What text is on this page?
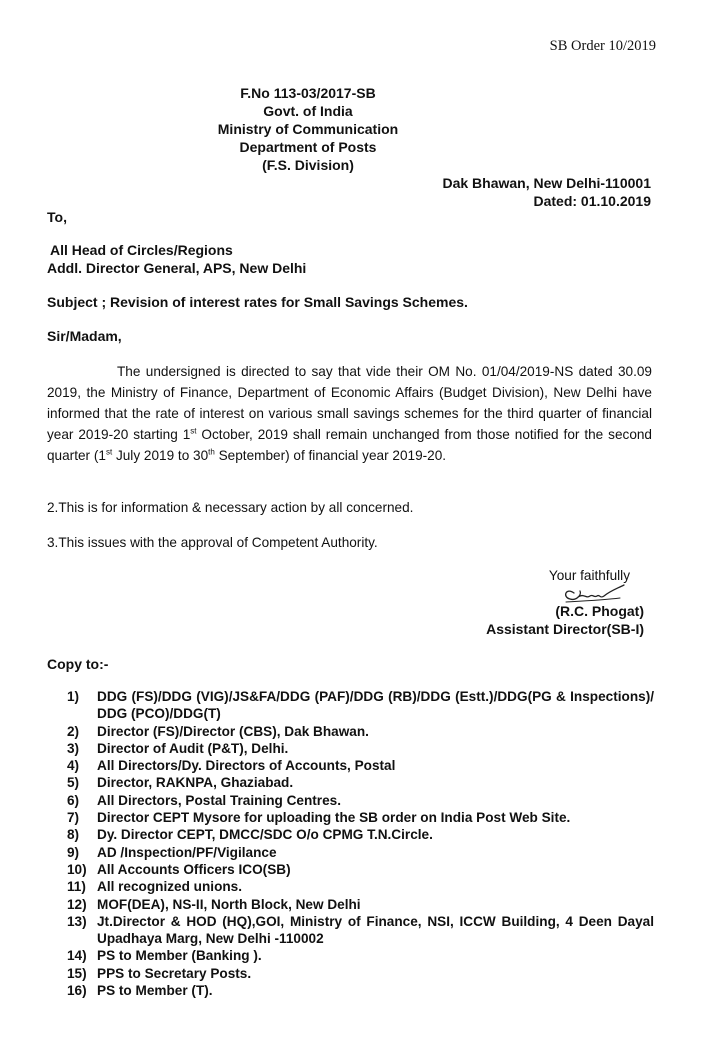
SB Order 10/2019
F.No 113-03/2017-SB
Govt. of India
Ministry of Communication
Department of Posts
(F.S. Division)
Dak Bhawan, New Delhi-110001
Dated: 01.10.2019
To,
All Head of Circles/Regions
Addl. Director General, APS, New Delhi
Subject ; Revision of interest rates for Small Savings Schemes.
Sir/Madam,
The undersigned is directed to say that vide their OM No. 01/04/2019-NS dated 30.09 2019, the Ministry of Finance, Department of Economic Affairs (Budget Division), New Delhi have informed that the rate of interest on various small savings schemes for the third quarter of financial year 2019-20 starting 1st October, 2019 shall remain unchanged from those notified for the second quarter (1st July 2019 to 30th September) of financial year 2019-20.
2.This is for information & necessary action by all concerned.
3.This issues with the approval of Competent Authority.
Your faithfully
(R.C. Phogat)
Assistant Director(SB-I)
Copy to:-
1) DDG (FS)/DDG (VIG)/JS&FA/DDG (PAF)/DDG (RB)/DDG (Estt.)/DDG(PG & Inspections)/ DDG (PCO)/DDG(T)
2) Director (FS)/Director (CBS), Dak Bhawan.
3) Director of Audit (P&T), Delhi.
4) All Directors/Dy. Directors of Accounts, Postal
5) Director, RAKNPA, Ghaziabad.
6) All Directors, Postal Training Centres.
7) Director CEPT Mysore for uploading the SB order on India Post Web Site.
8) Dy. Director CEPT, DMCC/SDC O/o CPMG T.N.Circle.
9) AD /Inspection/PF/Vigilance
10) All Accounts Officers ICO(SB)
11) All recognized unions.
12) MOF(DEA), NS-II, North Block, New Delhi
13) Jt.Director & HOD (HQ),GOI, Ministry of Finance, NSI, ICCW Building, 4 Deen Dayal Upadhaya Marg, New Delhi -110002
14) PS to Member (Banking ).
15) PPS to Secretary Posts.
16) PS to Member (T).
